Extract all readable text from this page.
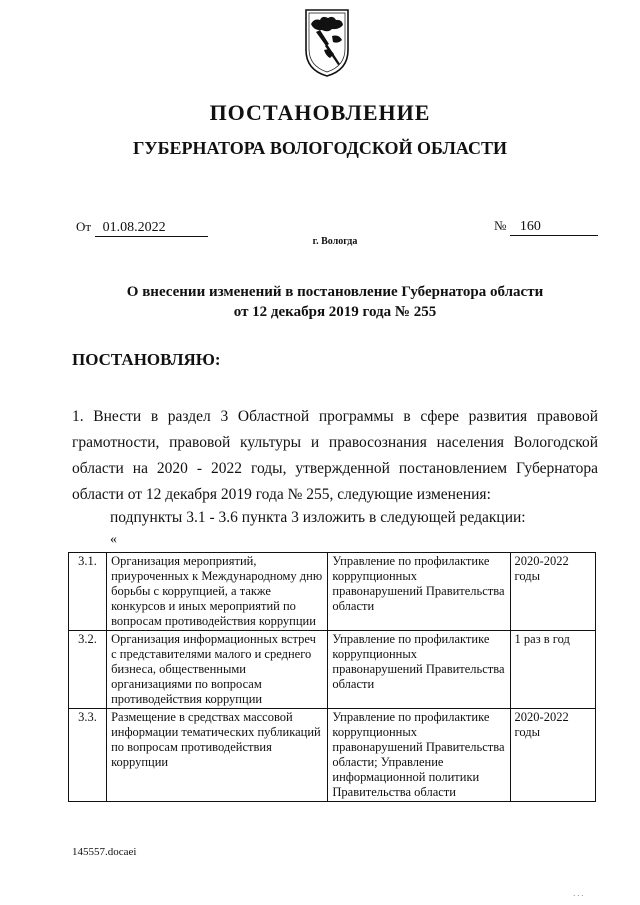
ПОСТАНОВЛЕНИЕ
ГУБЕРНАТОРА ВОЛОГОДСКОЙ ОБЛАСТИ
От 01.08.2022	№ 160
г. Вологда
О внесении изменений в постановление Губернатора области
от 12 декабря 2019 года № 255
ПОСТАНОВЛЯЮ:

1. Внести в раздел 3 Областной программы в сфере развития правовой грамотности, правовой культуры и правосознания населения Вологодской области на 2020 - 2022 годы, утвержденной постановлением Губернатора области от 12 декабря 2019 года № 255, следующие изменения:

подпункты 3.1 - 3.6 пункта 3 изложить в следующей редакции:
«
3.1.	Организация мероприятий, приуроченных к Международному дню борьбы с коррупцией, а также конкурсов и иных мероприятий по вопросам противодействия коррупции	Управление по профилактике коррупционных правонарушений Правительства области	2020-2022 годы
3.2.	Организация информационных встреч с представителями малого и среднего бизнеса, общественными организациями по вопросам противодействия коррупции	Управление по профилактике коррупционных правонарушений Правительства области	1 раз в год
3.3.	Размещение в средствах массовой информации тематических публикаций по вопросам противодействия коррупции	Управление по профилактике коррупционных правонарушений Правительства области; Управление информационной политики Правительства области	2020-2022 годы
145557.docaei
· · ·
